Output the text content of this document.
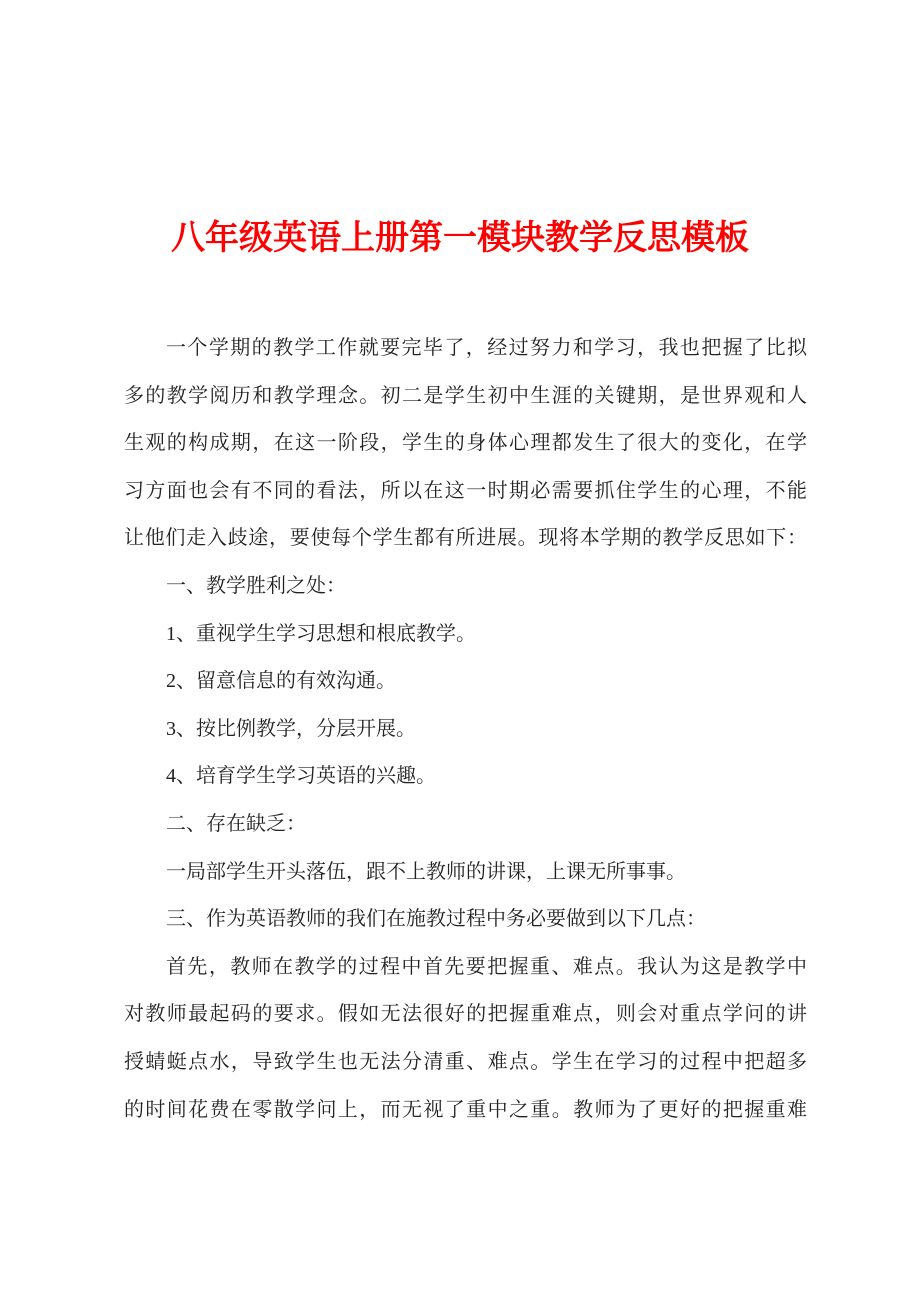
八年级英语上册第一模块教学反思模板
一个学期的教学工作就要完毕了，经过努力和学习，我也把握了比拟
多的教学阅历和教学理念。初二是学生初中生涯的关键期，是世界观和人
生观的构成期，在这一阶段，学生的身体心理都发生了很大的变化，在学
习方面也会有不同的看法，所以在这一时期必需要抓住学生的心理，不能
让他们走入歧途，要使每个学生都有所进展。现将本学期的教学反思如下：
一、教学胜利之处：
1、重视学生学习思想和根底教学。
2、留意信息的有效沟通。
3、按比例教学，分层开展。
4、培育学生学习英语的兴趣。
二、存在缺乏：
一局部学生开头落伍，跟不上教师的讲课，上课无所事事。
三、作为英语教师的我们在施教过程中务必要做到以下几点：
首先，教师在教学的过程中首先要把握重、难点。我认为这是教学中
对教师最起码的要求。假如无法很好的把握重难点，则会对重点学问的讲
授蜻蜓点水，导致学生也无法分清重、难点。学生在学习的过程中把超多
的时间花费在零散学问上，而无视了重中之重。教师为了更好的把握重难
